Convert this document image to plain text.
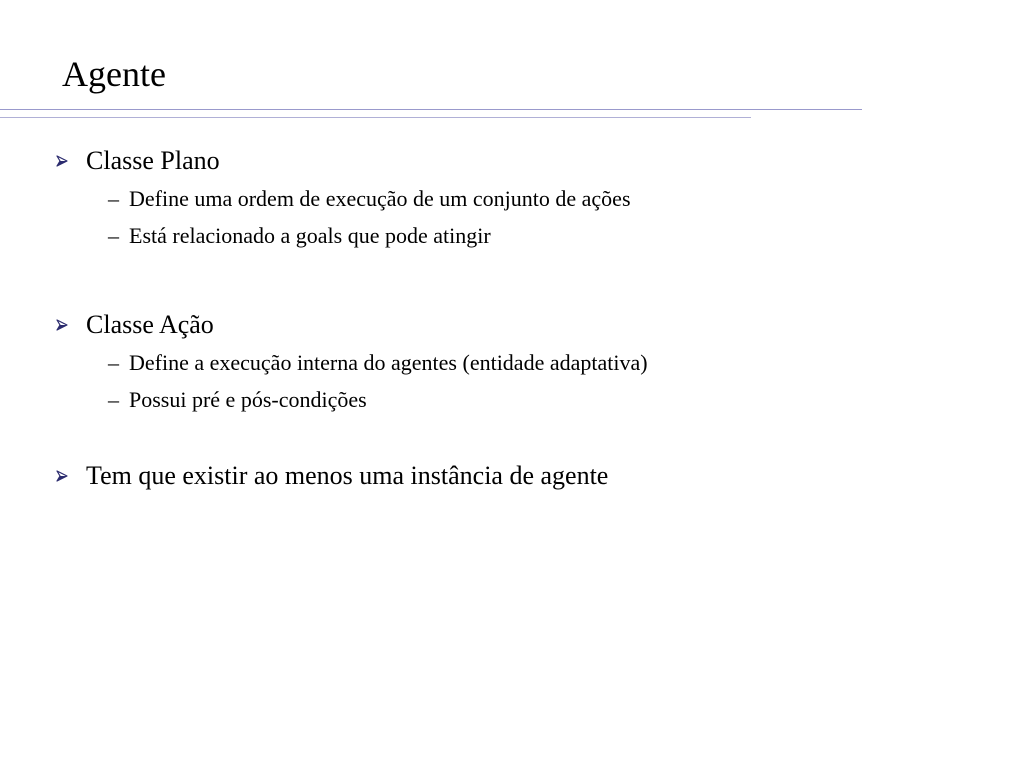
Agente
Classe Plano
– Define uma ordem de execução de um conjunto de ações
– Está relacionado a goals que pode atingir
Classe Ação
– Define a execução interna do agentes (entidade adaptativa)
– Possui pré e pós-condições
Tem que existir ao menos uma instância de agente
